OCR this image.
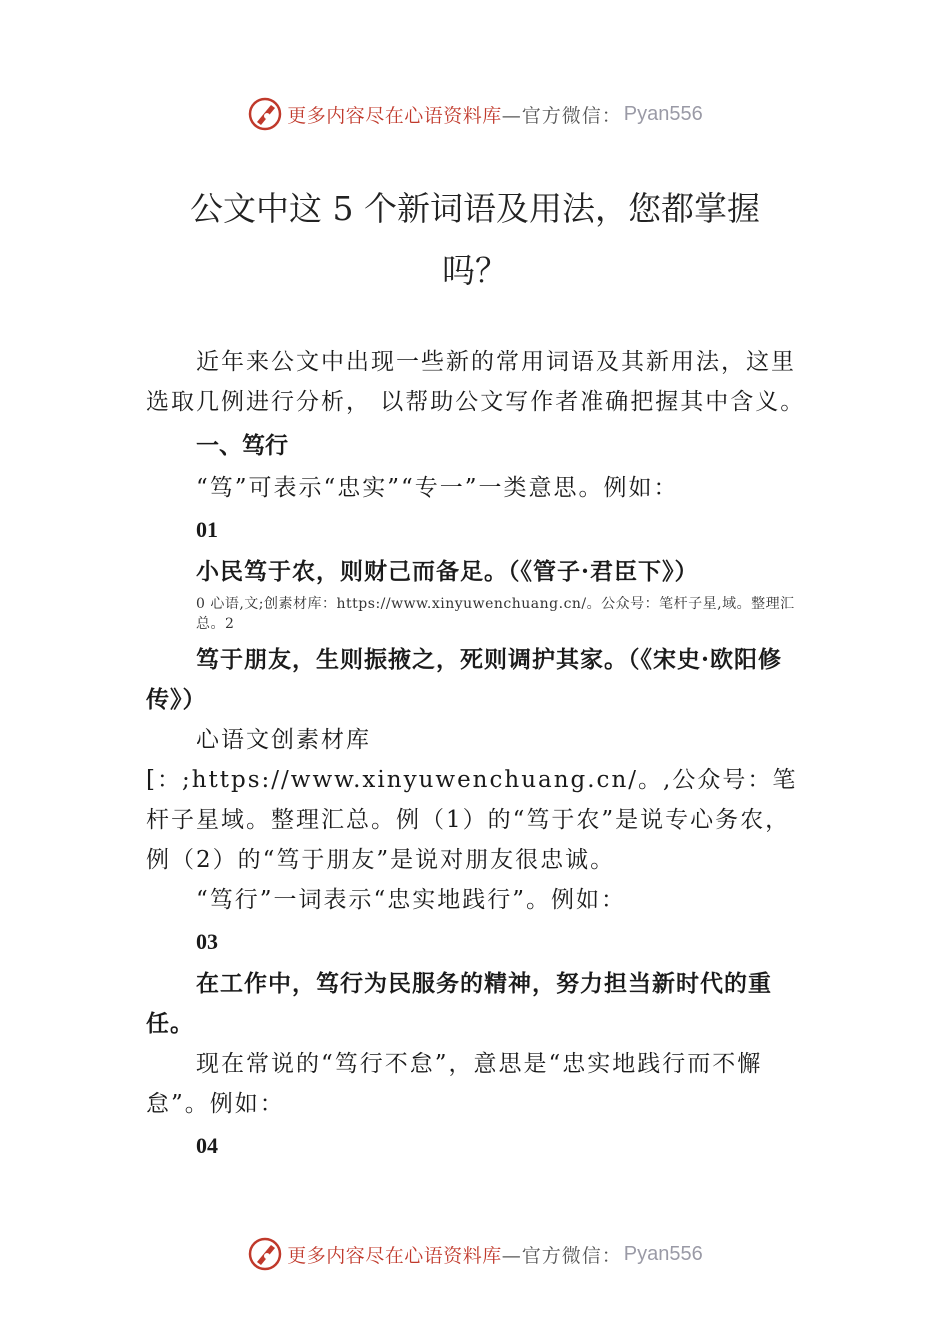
更多内容尽在心语资料库 —官方微信： Pyan556
公文中这 5 个新词语及用法，您都掌握
吗？

近年来公文中出现一些新的常用词语及其新用法，这里选取几例进行分析， 以帮助公文写作者准确把握其中含义。

一、笃行

“笃”可表示“忠实”“专一”一类意思。例如：

01

小民笃于农，则财⼰而备足。（《管子·君臣下》）

0 心语,文;创素材库：https://www.xinyuwenchuang.cn/。公众号：笔杆子星,域。整理汇总。2

笃于朋友，生则振掖之，死则调护其家。（《宋史·欧阳修传》）

心语文创素材库[：;https://www.xinyuwenchuang.cn/。,公众号：笔杆子星域。整理汇总。例（1）的“笃于农”是说专心务农，例（2）的“笃于朋友”是说对朋友很忠诚。

“笃行”一词表示“忠实地践行”。例如：

03

在工作中，笃行为民服务的精神，努力担当新时代的重任。

现在常说的“笃行不怠”，意思是“忠实地践行而不懈怠”。例如：

04

更多内容尽在心语资料库 —官方微信： Pyan556
